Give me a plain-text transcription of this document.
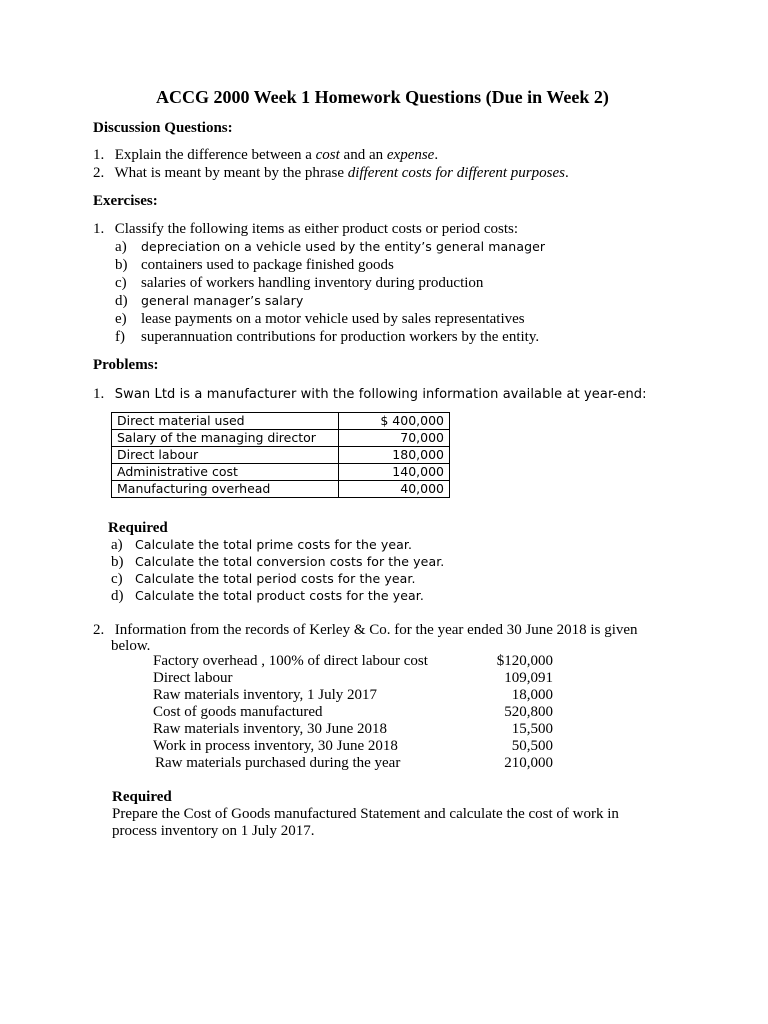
ACCG 2000 Week 1 Homework Questions (Due in Week 2)
Discussion Questions:
1. Explain the difference between a cost and an expense.
2. What is meant by meant by the phrase different costs for different purposes.
Exercises:
1. Classify the following items as either product costs or period costs:
a) depreciation on a vehicle used by the entity’s general manager
b) containers used to package finished goods
c) salaries of workers handling inventory during production
d) general manager’s salary
e) lease payments on a motor vehicle used by sales representatives
f) superannuation contributions for production workers by the entity.
Problems:
1. Swan Ltd is a manufacturer with the following information available at year-end:
Direct material used	$ 400,000
Salary of the managing director	70,000
Direct labour	180,000
Administrative cost	140,000
Manufacturing overhead	40,000
Required
a) Calculate the total prime costs for the year.
b) Calculate the total conversion costs for the year.
c) Calculate the total period costs for the year.
d) Calculate the total product costs for the year.
2. Information from the records of Kerley & Co. for the year ended 30 June 2018 is given
below.
Factory overhead , 100% of direct labour cost	$120,000
Direct labour	109,091
Raw materials inventory, 1 July 2017	18,000
Cost of goods manufactured	520,800
Raw materials inventory, 30 June 2018	15,500
Work in process inventory, 30 June 2018	50,500
Raw materials purchased during the year	210,000
Required
Prepare the Cost of Goods manufactured Statement and calculate the cost of work in
process inventory on 1 July 2017.
